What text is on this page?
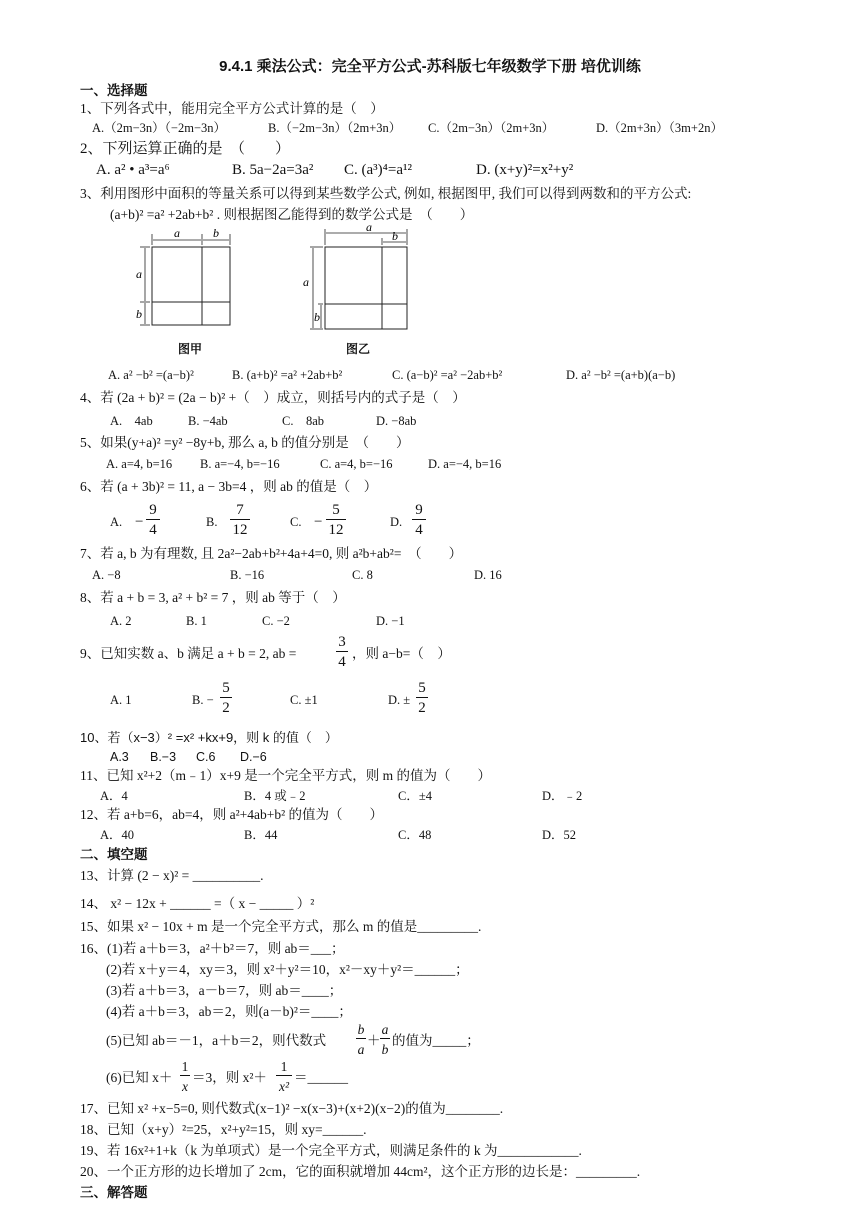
9.4.1 乘法公式：完全平方公式-苏科版七年级数学下册 培优训练
一、选择题
1、下列各式中，能用完全平方公式计算的是（　）
A.（2m−3n）（−2m−3n）	B.（−2m−3n）（2m+3n） C.（2m−3n）（2m+3n）	D.（2m+3n）（3m+2n）
2、下列运算正确的是　（　　）
A. a² • a³=a⁶	B. 5a−2a=3a² C. (a³)⁴=a¹²	D. (x+y)²=x²+y²
3、利用图形中面积的等量关系可以得到某些数学公式, 例如, 根据图甲, 我们可以得到两数和的平方公式:
(a+b)² =a² +2ab+b² . 则根据图乙能得到的数学公式是　（　　）
a	b
a
b
图甲
a
b
a
b
图乙
A. a² −b² =(a−b)²	B. (a+b)² =a² +2ab+b²	C. (a−b)² =a² −2ab+b²	D. a² −b² =(a+b)(a−b)
4、若 (2a + b)² = (2a − b)² +（　）成立，则括号内的式子是（　）
A.　4ab	B. −4ab	C.　8ab	D. −8ab
5、如果(y+a)² =y² −8y+b, 那么 a, b 的值分别是　（　　）
A. a=4, b=16 B. a=−4, b=−16	C. a=4, b=−16	D. a=−4, b=16
6、若 (a + 3b)² = 11, a − 3b=4 ，则 ab 的值是（　）
A. −
9
4	B.
7
12	C. −
5
12	D.
9
4
7、若 a, b 为有理数, 且 2a²−2ab+b²+4a+4=0, 则 a²b+ab²=　（　　）
A. −8	B. −16	C. 8	D. 16
8、若 a + b = 3, a² + b² = 7 ，则 ab 等于（　）
A. 2	B. 1	C. −2	D. −1
9、已知实数 a、b 满足 a + b = 2, ab =
3
4
，则 a−b=（　）
A. 1	B. −
5
2	C. ±1	D. ±
5
2
10、若（x−3）² =x² +kx+9，则 k 的值（　）
A.3 B.−3 C.6 D.−6
11、已知 x²+2（m﹣1）x+9 是一个完全平方式，则 m 的值为（　　）
A．4	B．4 或﹣2	C．±4	D．﹣2
12、若 a+b=6，ab=4，则 a²+4ab+b² 的值为（　　）
A．40	B．44	C．48	D．52
二、填空题
13、计算 (2 − x)² = __________.
14、 x² − 12x + ______ =（ x − _____ ）²
15、如果 x² − 10x + m 是一个完全平方式，那么 m 的值是_________.
16、(1)若 a＋b＝3，a²＋b²＝7，则 ab＝___；
(2)若 x＋y＝4，xy＝3，则 x²＋y²＝10，x²－xy＋y²＝______；
(3)若 a＋b＝3，a－b＝7，则 ab＝____；
(4)若 a＋b＝3，ab＝2，则(a－b)²＝____；
(5)已知 ab＝－1，a＋b＝2，则代数式
b
a
＋
a
b
的值为_____；
(6)已知 x＋
1
x
＝3，则 x²＋
1
x²
＝______
17、已知 x² +x−5=0, 则代数式(x−1)² −x(x−3)+(x+2)(x−2)的值为________.
18、已知（x+y）²=25，x²+y²=15，则 xy=______.
19、若 16x²+1+k（k 为单项式）是一个完全平方式，则满足条件的 k 为____________.
20、一个正方形的边长增加了 2cm，它的面积就增加 44cm²，这个正方形的边长是：_________.
三、解答题
